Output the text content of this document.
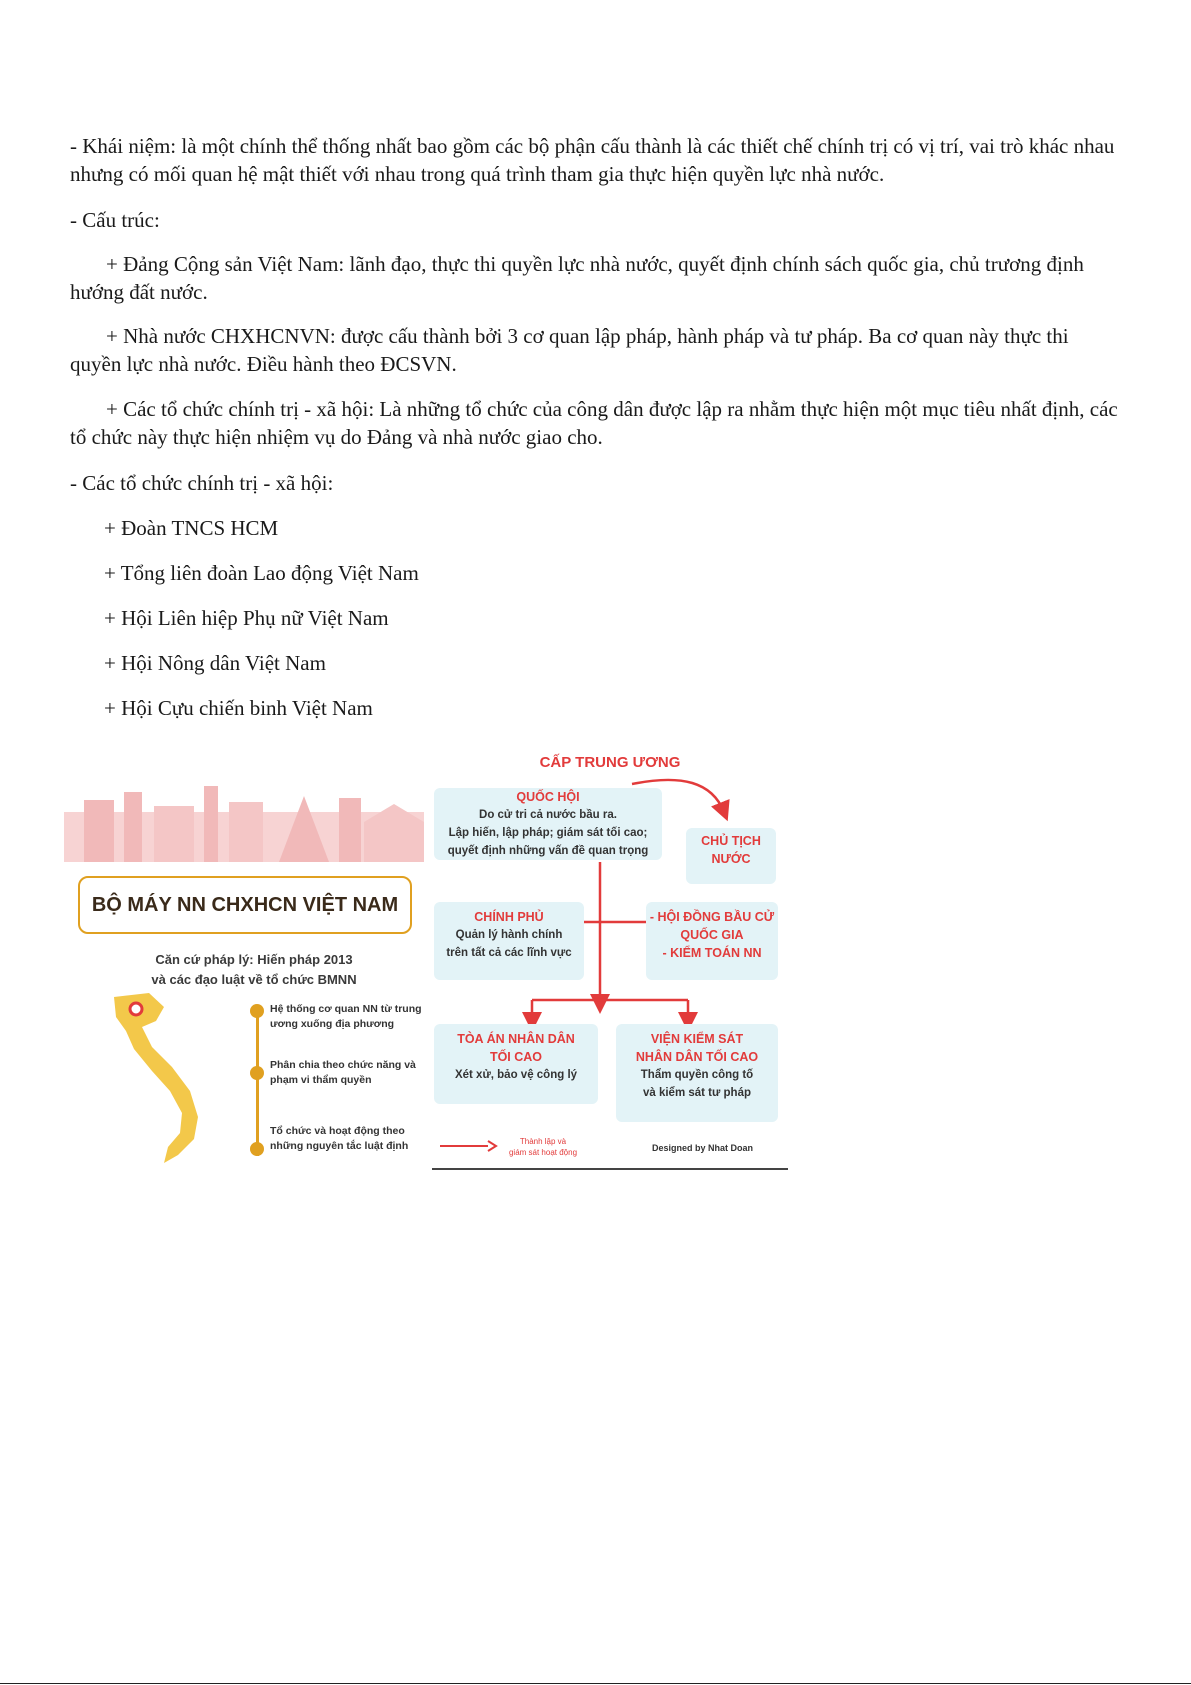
- Khái niệm: là một chính thể thống nhất bao gồm các bộ phận cấu thành là các thiết chế chính trị có vị trí, vai trò khác nhau nhưng có mối quan hệ mật thiết với nhau trong quá trình tham gia thực hiện quyền lực nhà nước.

- Cấu trúc:

+ Đảng Cộng sản Việt Nam: lãnh đạo, thực thi quyền lực nhà nước, quyết định chính sách quốc gia, chủ trương định hướng đất nước.

+ Nhà nước CHXHCNVN: được cấu thành bởi 3 cơ quan lập pháp, hành pháp và tư pháp. Ba cơ quan này thực thi quyền lực nhà nước. Điều hành theo ĐCSVN.

+ Các tổ chức chính trị - xã hội: Là những tổ chức của công dân được lập ra nhằm thực hiện một mục tiêu nhất định, các tổ chức này thực hiện nhiệm vụ do Đảng và nhà nước giao cho.

- Các tổ chức chính trị - xã hội:

+ Đoàn TNCS HCM

+ Tổng liên đoàn Lao động Việt Nam

+ Hội Liên hiệp Phụ nữ Việt Nam

+ Hội Nông dân Việt Nam

+ Hội Cựu chiến binh Việt Nam

BỘ MÁY NN CHXHCN VIỆT NAM
Căn cứ pháp lý: Hiến pháp 2013
và các đạo luật về tổ chức BMNN
Hệ thống cơ quan NN từ trung ương xuống địa phương
Phân chia theo chức năng và phạm vi thẩm quyền
Tổ chức và hoạt động theo những nguyên tắc luật định
CẤP TRUNG ƯƠNG
QUỐC HỘI
Do cử tri cả nước bầu ra.
Lập hiến, lập pháp; giám sát tối cao;
quyết định những vấn đề quan trọng
CHỦ TỊCH
NƯỚC
CHÍNH PHỦ
Quản lý hành chính
trên tất cả các lĩnh vực
- HỘI ĐỒNG BẦU CỬ
QUỐC GIA
- KIỂM TOÁN NN
TÒA ÁN NHÂN DÂN
TỐI CAO
Xét xử, bảo vệ công lý
VIỆN KIỂM SÁT
NHÂN DÂN TỐI CAO
Thẩm quyền công tố
và kiểm sát tư pháp
Thành lập và
giám sát hoạt động	Designed by Nhat Doan
